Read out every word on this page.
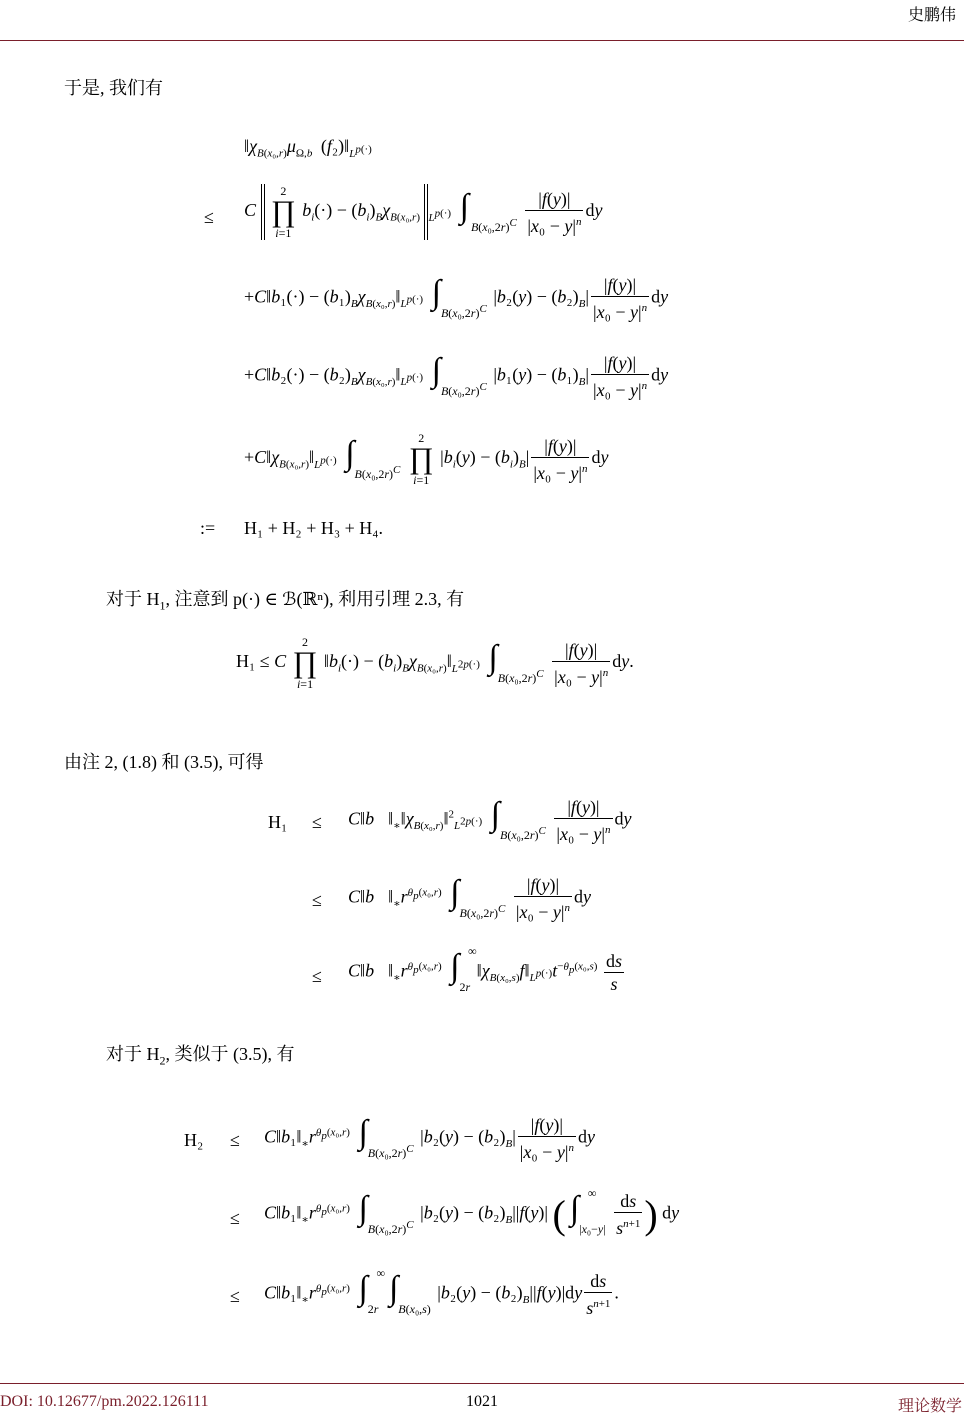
史鹏伟
DOI: 10.12677/pm.2022.126111	1021	理论数学
于是, 我们有
$‖\chi_{B(x_0,r)}\mu_{\Omega,b⃗}(f_2)‖_{L^{p(\cdot)}}$
≤ C  2
∏
i=1 $b_i(\cdot) - (b_i)_B\chi_{B(x_0,r)}$ $_{L^{p(\cdot)}}$ $\int_{B(x_0,2r)^C} \frac{|f(y)|}{|x_0 - y|^n}$ dy
+C‖b₁(·) − $(b_1)_B\chi_{B(x_0,r)}‖_{L^{p(\cdot)}}$ $\int_{B(x_0,2r)^C}$ $|b_2(y) - (b_2)_B| \frac{|f(y)|}{|x_0 - y|^n}$ dy
+C‖b₂(·) − $(b_2)_B\chi_{B(x_0,r)}‖_{L^{p(\cdot)}}$ $\int_{B(x_0,2r)^C}$ $|b_1(y) - (b_1)_B| \frac{|f(y)|}{|x_0 - y|^n}$ dy
$+C‖\chi_{B(x_0,r)}‖_{L^{p(\cdot)}}$ $\int_{B(x_0,2r)^C}$ 2
∏
i=1 $|b_i(y) - (b_i)_B| \frac{|f(y)|}{|x_0 - y|^n}$ dy
:= H₁ + H₂ + H₃ + H₄.
对于 $H_1$, 注意到 p(·) ∈ ℬ(ℝⁿ), 利用引理 2.3, 有
H₁ ≤ C 2
∏
i=1 $‖b_i(\cdot)$ − $(b_i)_B\chi_{B(x_0,r)}‖_{L^{2p(\cdot)}}$ $\int_{B(x_0,2r)^C} \frac{|f(y)|}{|x_0 - y|^n}$ dy.
由注 2, (1.8) 和 (3.5), 可得
$H_1 \le C‖b⃗‖_∗‖\chi_{B(x_0,r)}‖^2_{L^{2p(\cdot)}}$ $\int_{B(x_0,2r)^C} \frac{|f(y)|}{|x_0 - y|^n}$ dy
≤ $C‖b⃗‖_∗r^{\theta_p(x_0,r)}$ $\int_{B(x_0,2r)^C} \frac{|f(y)|}{|x_0 - y|^n}$ dy
≤ $C‖b⃗‖_∗r^{\theta_p(x_0,r)}$ ∫ ∞
$_{2r}$ $‖\chi_{B(x_0,s)}f‖_{L^{p(\cdot)}}t^{-\theta_p(x_0,s)} \frac{ds}{s}$
对于 $H_2$, 类似于 (3.5), 有
$H_2 \le C‖b_1‖_∗r^{\theta_p(x_0,r)}$ $\int_{B(x_0,2r)^C}$ $|b_2(y) - (b_2)_B| \frac{|f(y)|}{|x_0 - y|^n}$ dy
≤ $C‖b_1‖_∗r^{\theta_p(x_0,r)}$ $\int_{B(x_0,2r)^C}$ $|b_2(y) - (b_2)_B||f(y)|$ ( ∫ ∞
$_{|x_0-y|} \frac{ds}{s^{n+1}}$ ) dy
≤ $C‖b_1‖_∗r^{\theta_p(x_0,r)}$ ∫ ∞
$_{2r}$ $\int_{B(x_0,s)}$ $|b_2(y) - (b_2)_B||f(y)|dy \frac{ds}{s^{n+1}}$ .
